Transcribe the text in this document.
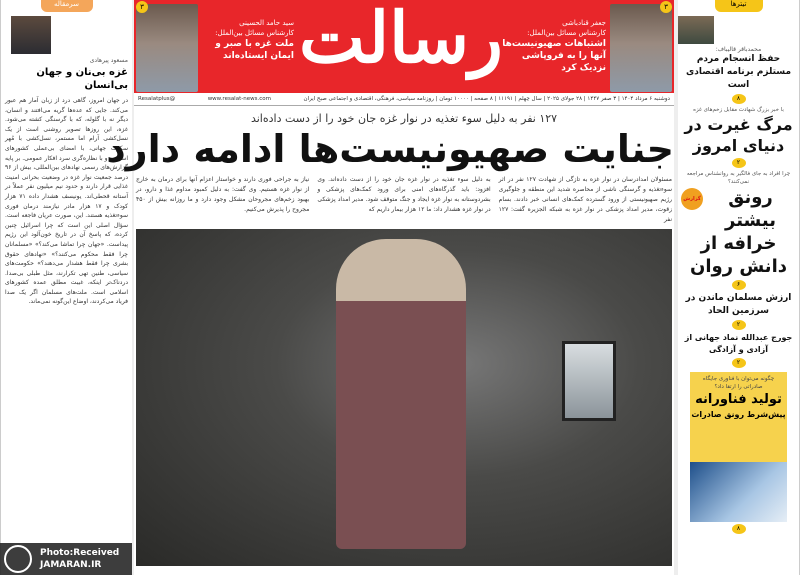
سرمقاله
مسعود پیرهادی
غزه بی‌نان و جهان بی‌انسان
در جهان امروز، گاهی درد از زبان آمار هم عبور می‌کند. جایی که عده‌ها گریه می‌افتند و انسان، دیگر نه با گلوله، که با گرسنگی کشته می‌شود. غزه، این روزها تصویر روشنی است از یک نسل‌کشی آرام اما مستمر، نسل‌کشی با مُهر سکوت جهانی، با امضای بی‌عملی کشورهای اسلامی و با نظاره‌گری سرد افکار عمومی. بر پایه گزارش‌های رسمی نهادهای بین‌المللی، بیش از ۹۶ درصد جمعیت نوار غزه در وضعیت بحرانی امنیت غذایی قرار دارند و حدود نیم میلیون نفر عملاً در آستانه قحطی‌اند. یونیسف هشدار داده ۷۱ هزار کودک و ۱۷ هزار مادر نیازمند درمان فوری سوءتغذیه هستند. این، صورت عریان فاجعه است. سؤال اصلی این است که چرا اسرائیل چنین کرده، که پاسخ آن در تاریخ خون‌آلود این رژیم پیداست. «جهان چرا تماشا می‌کند؟» «مسلمانان چرا فقط محکوم می‌کنند؟» «نهادهای حقوق بشری چرا فقط هشدار می‌دهند؟» حکومت‌های سیاسی، طنین تهی تکرارند، مثل طبلی بی‌صدا. دردناک‌تر اینکه، غیبت مطلق عمده کشورهای اسلامی است. ملت‌های مسلمان اگر یک صدا فریاد می‌کردند، اوضاع این‌گونه نمی‌ماند.
Photo:Received
JAMARAN.IR
۳	۳
رسالت
سید حامد الحسینی
کارشناس مسائل بین‌الملل:
ملت غزه با صبر و ایمان ایستاده‌اند
جعفر قنادباشی
کارشناس مسائل بین‌الملل:
اشتباهات صهیونیست‌ها آنها را به فروپاشی نزدیک کرد
دوشنبه ۶ مرداد ۱۴۰۴ | ۳ صفر ۱۴۴۷ | ۲۸ جولای ۲۰۲۵ | سال چهلم | ۱۱۱۹۱ | ۸ صفحه | ۱۰۰۰۰ تومان | روزنامه سیاسی، فرهنگی، اقتصادی و اجتماعی صبح ایران
www.resalat-news.com
@Resalatplus
۱۲۷ نفر به دلیل سوء تغذیه در نوار غزه جان خود را از دست داده‌اند
جنایت صهیونیست‌ها ادامه دارد

مسئولان امدادرسان در نوار غزه به تازگی از شهادت ۱۲۷ نفر در اثر سوءتغذیه و گرسنگی ناشی از محاصره شدید این منطقه و جلوگیری رژیم صهیونیستی از ورود گسترده کمک‌های انسانی خبر دادند. بسام زقوت، مدیر امداد پزشکی در نوار غزه به شبکه الجزیره گفت: ۱۲۷ نفر

به دلیل سوء تغذیه در نوار غزه جان خود را از دست داده‌اند. وی افزود: باید گذرگاه‌های امنی برای ورود کمک‌های پزشکی و بشردوستانه به نوار غزه ایجاد و جنگ متوقف شود. مدیر امداد پزشکی در نوار غزه هشدار داد: ما ۱۲ هزار بیمار داریم که

نیاز به جراحی فوری دارند و خواستار اعزام آنها برای درمان به خارج از نوار غزه هستیم. وی گفت: به دلیل کمبود مداوم غذا و دارو، در بهبود زخم‌های مجروحان مشکل وجود دارد و ما روزانه بیش از ۴۵۰ مجروح را پذیرش می‌کنیم.

تیترها
محمدباقر قالیباف:
حفظ انسجام مردم مستلزم برنامه اقتصادی است
۸
با خبر بزرگ شهادت مقابل زخم‌های غزه
مرگ غیرت در دنیای امروز
۲
چرا افراد به جای فالگیر به روانشناس مراجعه نمی‌کنند؟
گزارش رونق بیشتر خرافه از دانش روان
۶
ارزش مسلمان ماندن در سرزمین الحاد
۲
جورج عبدالله نماد جهانی از آزادی و آزادگی
۲
چگونه می‌توان با فناوری جایگاه صادراتی را ارتقا داد؟
تولید فناورانه
پیش‌شرط رونق صادرات
۸
